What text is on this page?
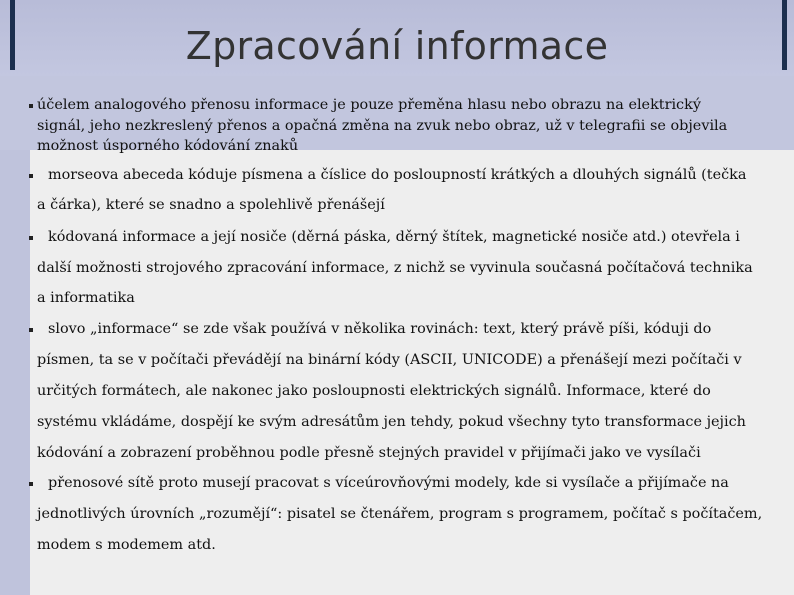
Zpracování informace
účelem analogového přenosu informace je pouze přeměna hlasu nebo obrazu na elektrický
signál, jeho nezkreslený přenos a opačná změna na zvuk nebo obraz, už v telegrafii se objevila
možnost úsporného kódování znaků
morseova abeceda kóduje písmena a číslice do posloupností krátkých a dlouhých signálů (tečka
a čárka), které se snadno a spolehlivě přenášejí
kódovaná informace a její nosiče (děrná páska, děrný štítek, magnetické nosiče atd.) otevřela i
další možnosti strojového zpracování informace, z nichž se vyvinula současná počítačová technika
a informatika
slovo „informace“ se zde však používá v několika rovinách: text, který právě píši, kóduji do
písmen, ta se v počítači převádějí na binární kódy (ASCII, UNICODE) a přenášejí mezi počítači v
určitých formátech, ale nakonec jako posloupnosti elektrických signálů. Informace, které do
systému vkládáme, dospějí ke svým adresátům jen tehdy, pokud všechny tyto transformace jejich
kódování a zobrazení proběhnou podle přesně stejných pravidel v přijímači jako ve vysílači
přenosové sítě proto musejí pracovat s víceúrovňovými modely, kde si vysílače a přijímače na
jednotlivých úrovních „rozumějí“: pisatel se čtenářem, program s programem, počítač s počítačem,
modem s modemem atd.
